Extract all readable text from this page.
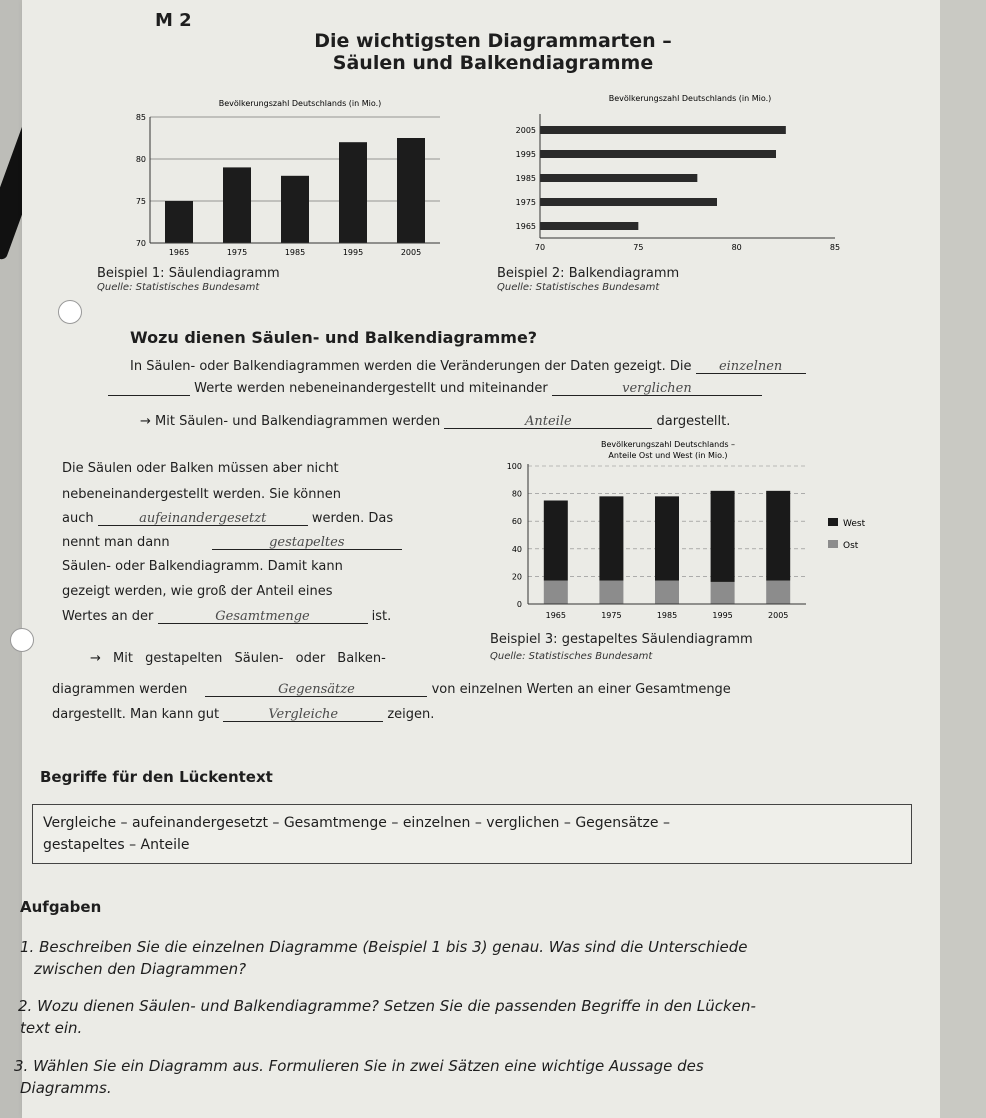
M 2
Die wichtigsten Diagrammarten –
Säulen und Balkendiagramme
Bevölkerungszahl Deutschlands (in Mio.)
70
75
80
85
1965	1975	1985	1995	2005
Beispiel 1: Säulendiagramm
Quelle: Statistisches Bundesamt
Bevölkerungszahl Deutschlands (in Mio.)
2005
1995
1985
1975
1965
70	75	80	85
Beispiel 2: Balkendiagramm
Quelle: Statistisches Bundesamt
Wozu dienen Säulen- und Balkendiagramme?
In Säulen- oder Balkendiagrammen werden die Veränderungen der Daten gezeigt. Die einzelnen
Werte werden nebeneinandergestellt und miteinander	verglichen
→ Mit Säulen- und Balkendiagrammen werden	Anteile	dargestellt.
Die Säulen oder Balken müssen aber nicht
nebeneinandergestellt werden. Sie können
auch	aufeinandergesetzt	werden. Das
nennt man dann	gestapeltes
Säulen- oder Balkendiagramm. Damit kann
gezeigt werden, wie groß der Anteil eines
Wertes an der	Gesamtmenge	ist.
Bevölkerungszahl Deutschlands –
Anteile Ost und West (in Mio.)
0
20
40
60
80
100
1965	1975	1985	1995	2005
West
Ost
Beispiel 3: gestapeltes Säulendiagramm
Quelle: Statistisches Bundesamt
→ Mit gestapelten Säulen- oder Balken-
diagrammen werden	Gegensätze	von einzelnen Werten an einer Gesamtmenge
dargestellt. Man kann gut	Vergleiche	zeigen.
Begriffe für den Lückentext
Vergleiche – aufeinandergesetzt – Gesamtmenge – einzelnen – verglichen – Gegensätze –
gestapeltes – Anteile
Aufgaben
1. Beschreiben Sie die einzelnen Diagramme (Beispiel 1 bis 3) genau. Was sind die Unterschiede
zwischen den Diagrammen?
2. Wozu dienen Säulen- und Balkendiagramme? Setzen Sie die passenden Begriffe in den Lücken-
text ein.
3. Wählen Sie ein Diagramm aus. Formulieren Sie in zwei Sätzen eine wichtige Aussage des
Diagramms.
